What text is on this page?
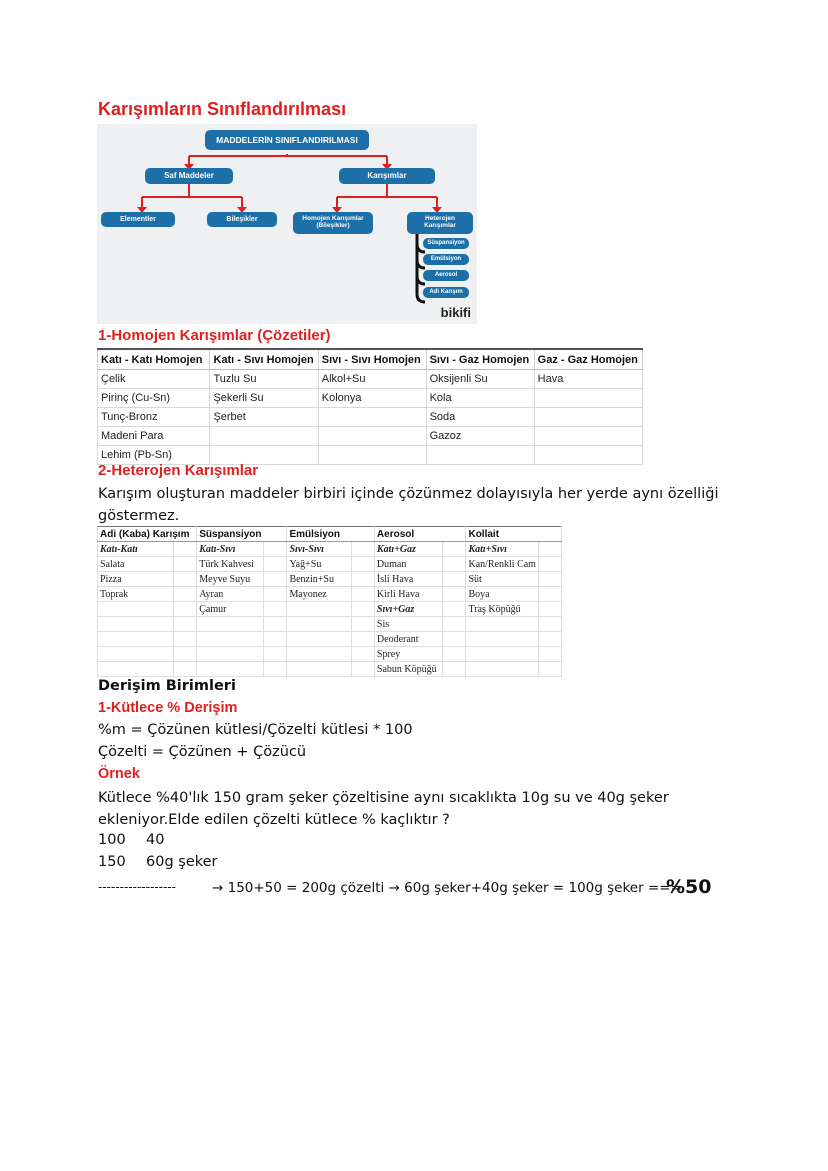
Karışımların Sınıflandırılması
MADDELERİN SINIFLANDIRILMASI
Saf Maddeler	Karışımlar
Elementler	Bileşikler	Homojen Karışımlar (Bileşikler)
Heterojen Karışımlar
Süspansiyon
Emülsiyon
Aerosol
Adi Karışım
bikifi
1-Homojen Karışımlar (Çözetiler)
Katı - Katı Homojen	Katı - Sıvı Homojen	Sıvı - Sıvı Homojen	Sıvı - Gaz Homojen	Gaz - Gaz Homojen
Çelik	Tuzlu Su	Alkol+Su	Oksijenli Su	Hava
Pirinç (Cu-Sn)	Şekerli Su	Kolonya	Kola	
Tunç-Bronz	Şerbet		Soda	
Madeni Para			Gazoz	
Lehim (Pb-Sn)				
2-Heterojen Karışımlar
Karışım oluşturan maddeler birbiri içinde çözünmez dolayısıyla her yerde aynı özelliği göstermez.
Adi (Kaba) Karışım		Süspansiyon		Emülsiyon		Aerosol		Kollait	
Katı-Katı		Katı-Sıvı		Sıvı-Sıvı		Katı+Gaz		Katı+Sıvı	
Salata		Türk Kahvesi		Yağ+Su		Duman		Kan/Renkli Cam	
Pizza		Meyve Suyu		Benzin+Su		İsli Hava		Süt	
Toprak		Ayran		Mayonez		Kirli Hava		Boya	
		Çamur				Sıvı+Gaz		Traş Köpüğü	
						Sis			
						Deoderant			
						Sprey			
						Sabun Köpüğü			
Derişim Birimleri
1-Kütlece % Derişim
%m = Çözünen kütlesi/Çözelti kütlesi * 100
Çözelti = Çözünen + Çözücü
Örnek
Kütlece %40'lık 150 gram şeker çözeltisine aynı sıcaklıkta 10g su ve 40g şeker ekleniyor.Elde edilen çözelti kütlece % kaçlıktır ?
100 40
150 60g şeker
------------------	→ 150+50 = 200g çözelti → 60g şeker+40g şeker = 100g şeker ===
%50
